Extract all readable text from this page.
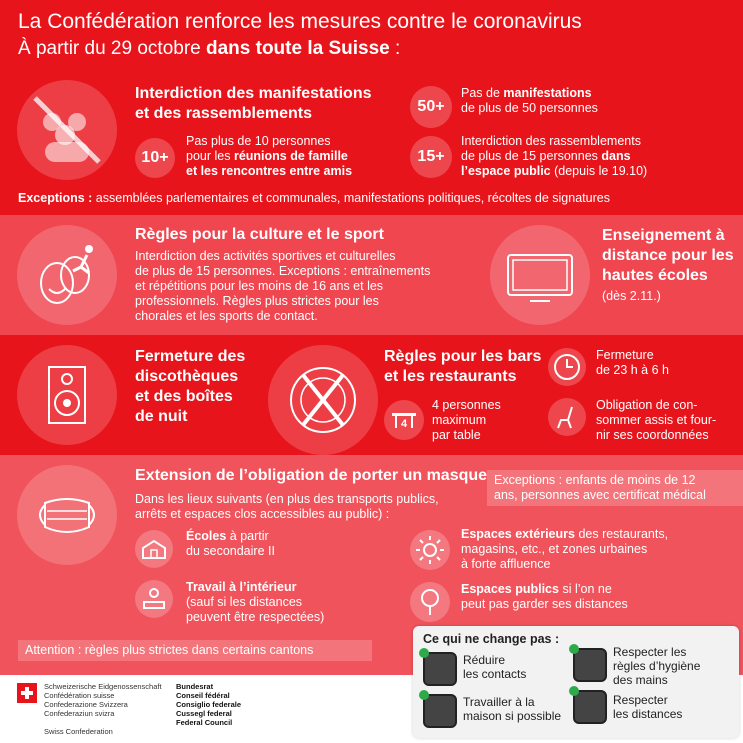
La Confédération renforce les mesures contre le coronavirus
À partir du 29 octobre dans toute la Suisse :
Interdiction des manifestations
et des rassemblements
10+
Pas plus de 10 personnes
pour les réunions de famille
et les rencontres entre amis
50+
Pas de manifestations
de plus de 50 personnes
15+
Interdiction des rassemblements
de plus de 15 personnes dans
l’espace public (depuis le 19.10)
Exceptions : assemblées parlementaires et communales, manifestations politiques, récoltes de signatures
Règles pour la culture et le sport
Interdiction des activités sportives et culturelles
de plus de 15 personnes. Exceptions : entraînements
et répétitions pour les moins de 16 ans et les
professionnels. Règles plus strictes pour les
chorales et les sports de contact.
Enseignement à
distance pour les
hautes écoles
(dès 2.11.)
Fermeture des
discothèques
et des boîtes
de nuit
Règles pour les bars
et les restaurants
Fermeture
de 23 h à 6 h
4
4 personnes
maximum
par table
Obligation de con-
sommer assis et four-
nir ses coordonnées
Extension de l’obligation de porter un masque Exceptions : enfants de moins de 12
ans, personnes avec certificat médical
Dans les lieux suivants (en plus des transports publics,
arrêts et espaces clos accessibles au public) :
Écoles à partir
du secondaire II
Travail à l’intérieur
(sauf si les distances
peuvent être respectées)
Espaces extérieurs des restaurants,
magasins, etc., et zones urbaines
à forte affluence
Espaces publics si l’on ne
peut pas garder ses distances
Attention : règles plus strictes dans certains cantons
Ce qui ne change pas :
Réduire
les contacts
Travailler à la
maison si possible
Respecter les
règles d’hygiène
des mains
Respecter
les distances
Schweizerische Eidgenossenschaft
Confédération suisse
Confederazione Svizzera
Confederaziun svizra
Bundesrat
Conseil fédéral
Consiglio federale
Cussegl federal
Federal Council
Swiss Confederation
